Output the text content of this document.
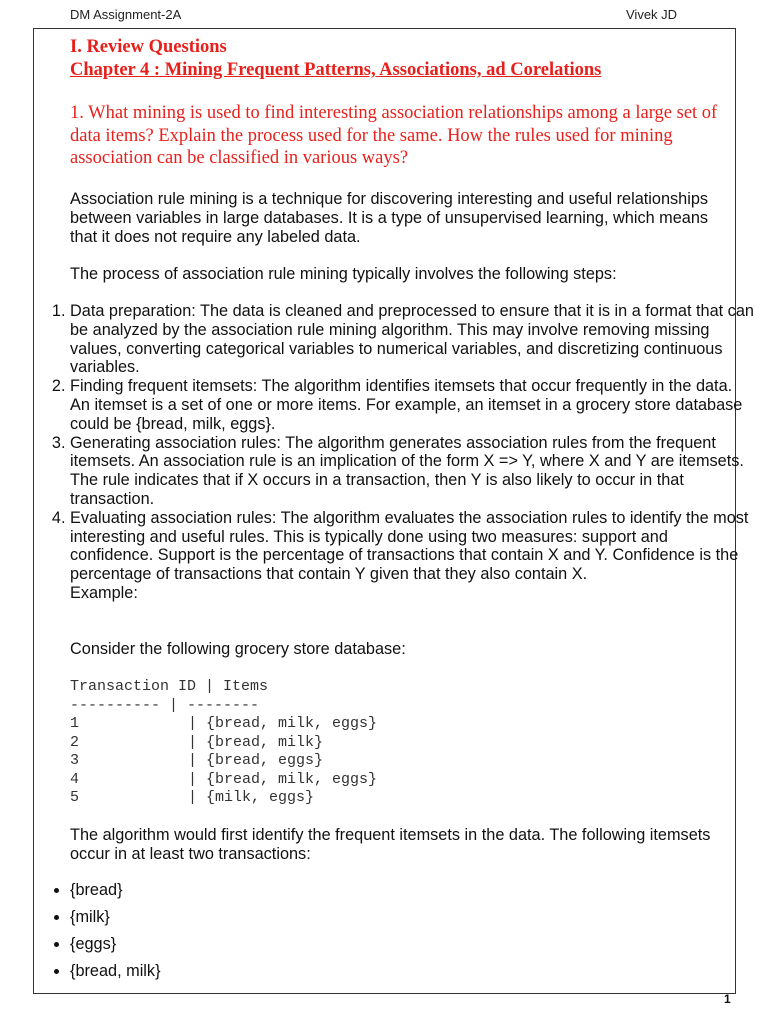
DM Assignment-2A	Vivek JD
1
I. Review Questions
Chapter 4 : Mining Frequent Patterns, Associations, ad Corelations
1. What mining is used to find interesting association relationships among a large set of data items? Explain the process used for the same. How the rules used for mining association can be classified in various ways?
Association rule mining is a technique for discovering interesting and useful relationships between variables in large databases. It is a type of unsupervised learning, which means that it does not require any labeled data.
The process of association rule mining typically involves the following steps:
1. Data preparation: The data is cleaned and preprocessed to ensure that it is in a format that can be analyzed by the association rule mining algorithm. This may involve removing missing values, converting categorical variables to numerical variables, and discretizing continuous variables.
2. Finding frequent itemsets: The algorithm identifies itemsets that occur frequently in the data. An itemset is a set of one or more items. For example, an itemset in a grocery store database could be {bread, milk, eggs}.
3. Generating association rules: The algorithm generates association rules from the frequent itemsets. An association rule is an implication of the form X => Y, where X and Y are itemsets. The rule indicates that if X occurs in a transaction, then Y is also likely to occur in that transaction.
4. Evaluating association rules: The algorithm evaluates the association rules to identify the most interesting and useful rules. This is typically done using two measures: support and confidence. Support is the percentage of transactions that contain X and Y. Confidence is the percentage of transactions that contain Y given that they also contain X.
Example:
Consider the following grocery store database:
Transaction ID | Items
---------- | --------
1	| {bread, milk, eggs}
2	| {bread, milk}
3	| {bread, eggs}
4	| {bread, milk, eggs}
5	| {milk, eggs}
The algorithm would first identify the frequent itemsets in the data. The following itemsets occur in at least two transactions:
• {bread}
• {milk}
• {eggs}
• {bread, milk}
